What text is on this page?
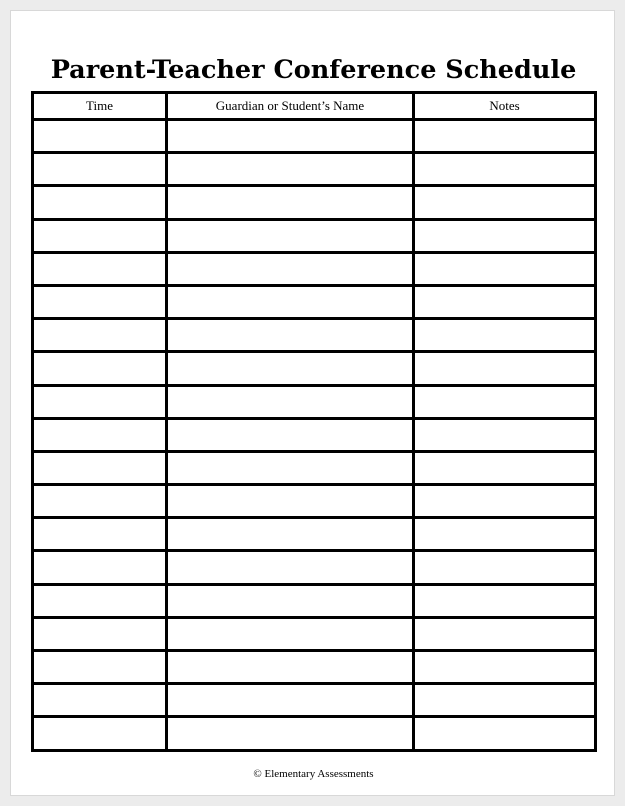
Parent-Teacher Conference Schedule
Time	Guardian or Student’s Name	Notes

© Elementary Assessments
